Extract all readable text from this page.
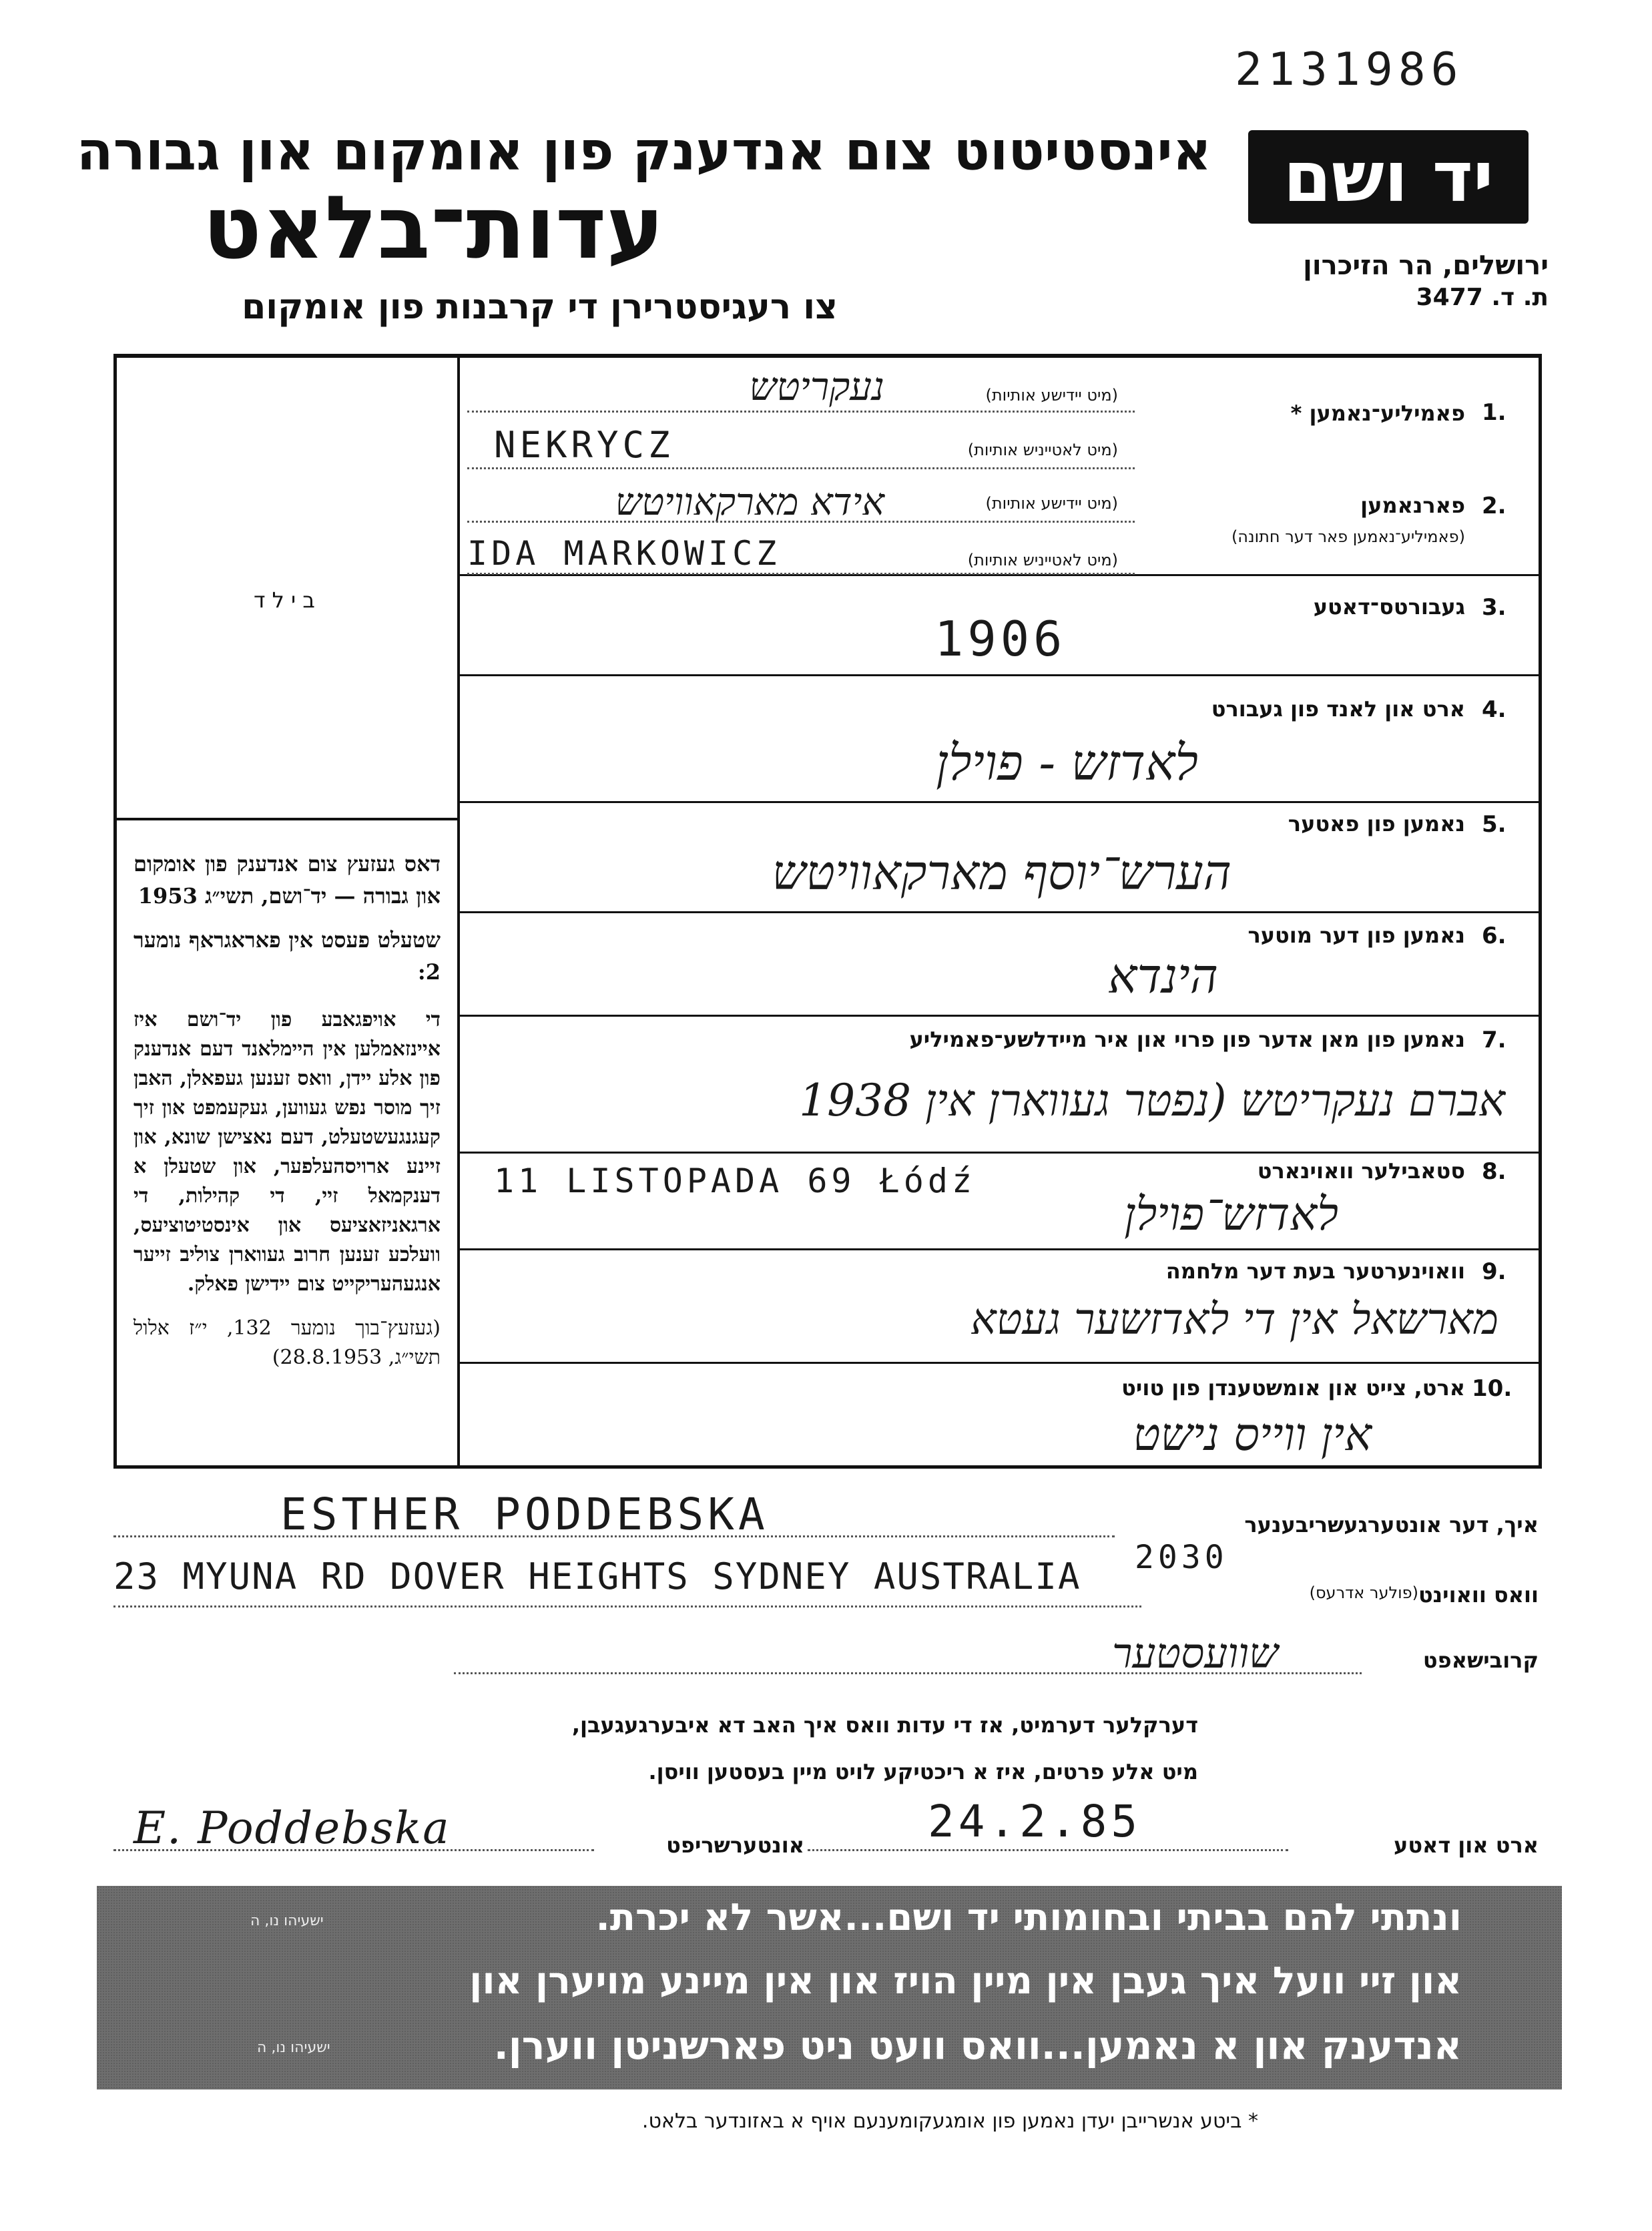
2131986
אינסטיטוט צום אנדענק פון אומקום און גבורה
עדות־בלאט
צו רעגיסטרירן די קרבנות פון אומקום
יד ושם
ירושלים, הר הזיכרון
ת. ד. 3477
ב י ל ד
דאס געזעץ צום אנדענק פון אומקום און גבורה — יד־ושם, תשי״ג 1953
שטעלט פעסט אין פאראגראף נומער 2:
די אויפגאבע פון יד־ושם איז איינזאמלען אין היימלאנד דעם אנדענק פון אלע יידן, וואס זענען געפאלן, האבן זיך מוסר נפש געווען, געקעמפט און זיך קעגנגעשטעלט, דעם נאצישן שונא, און זיינע ארויסהעלפער, און שטעלן א דענקמאל זיי, די קהילות, די ארגאניזאציעס און אינסטיטוציעס, וועלכע זענען חרוב געווארן צוליב זייער אנגעהעריקייט צום יידישן פאלק.
(געזעץ־בוך נומער 132, י״ז אלול תשי״ג, 28.8.1953)
1.
פאמיליע־נאמען *
(מיט יידישע אותיות)
נעקריטש
(מיט לאטייניש אותיות)
NEKRYCZ
2.
פארנאמען
(פאמיליע־נאמען פאר דער חתונה)
(מיט יידישע אותיות)
אידא מארקאוויטש
(מיט לאטייניש אותיות)
IDA MARKOWICZ
3.
געבורטס־דאטע
1906
4.
ארט און לאנד פון געבורט
לאדזש - פוילן
5.
נאמען פון פאטער
הערש־יוסף מארקאוויטש
6.
נאמען פון דער מוטער
הינדא
7.
נאמען פון מאן אדער פון פרוי און איר מיידלשע־פאמיליע
אברם נעקריטש (נפטר געווארן אין 1938
8.
סטאבילער וואוינארט
11 LISTOPADA 69 Łódź
לאדזש־פוילן
9.
וואוינערטער בעת דער מלחמה
מארשאל אין די לאדזשער געטא
10.
ארט, צייט און אומשטענדן פון טויט
אין ווייס נישט
איך, דער אונטערגעשריבענער
ESTHER PODDEBSKA
וואס וואוינט
(פולער אדרעס)
23 MYUNA RD DOVER HEIGHTS SYDNEY AUSTRALIA 2030
קרובישאפט
שוועסטער
דערקלער דערמיט, אז די עדות וואס איך האב דא איבערגעגעבן,
מיט אלע פרטים, איז א ריכטיקע לויט מיין בעסטען וויסן.
ארט און דאטע
24.2.85
אונטערשריפט
E. Poddebska
ונתתי להם בביתי ובחומותי יד ושם...אשר לא יכרת.
ישעיהו נו, ה
און זיי וועל איך געבן אין מיין הויז און אין מיינע מויערן און
אנדענק און א נאמען...וואס וועט ניט פארשניטן ווערן.
ישעיהו נו, ה
* ביטע אנשרייבן יעדן נאמען פון אומגעקומענעם אויף א באזונדער בלאט.
